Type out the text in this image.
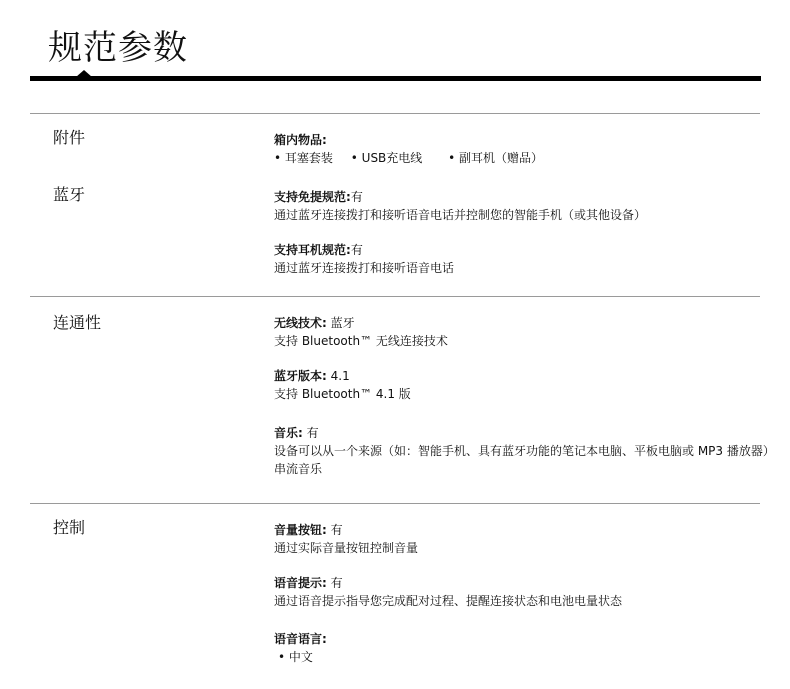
规范参数
附件	箱内物品:
• 耳塞套装 • USB充电线	• 副耳机（赠品）
蓝牙	支持免提规范:有
通过蓝牙连接拨打和接听语音电话并控制您的智能手机（或其他设备）
支持耳机规范:有
通过蓝牙连接拨打和接听语音电话
连通性	无线技术: 蓝牙
支持 Bluetooth™ 无线连接技术
蓝牙版本: 4.1
支持 Bluetooth™ 4.1 版
音乐: 有
设备可以从一个来源（如：智能手机、具有蓝牙功能的笔记本电脑、平板电脑或 MP3 播放器）
串流音乐
控制	音量按钮: 有
通过实际音量按钮控制音量
语音提示: 有
通过语音提示指导您完成配对过程、提醒连接状态和电池电量状态
语音语言:
• 中文
